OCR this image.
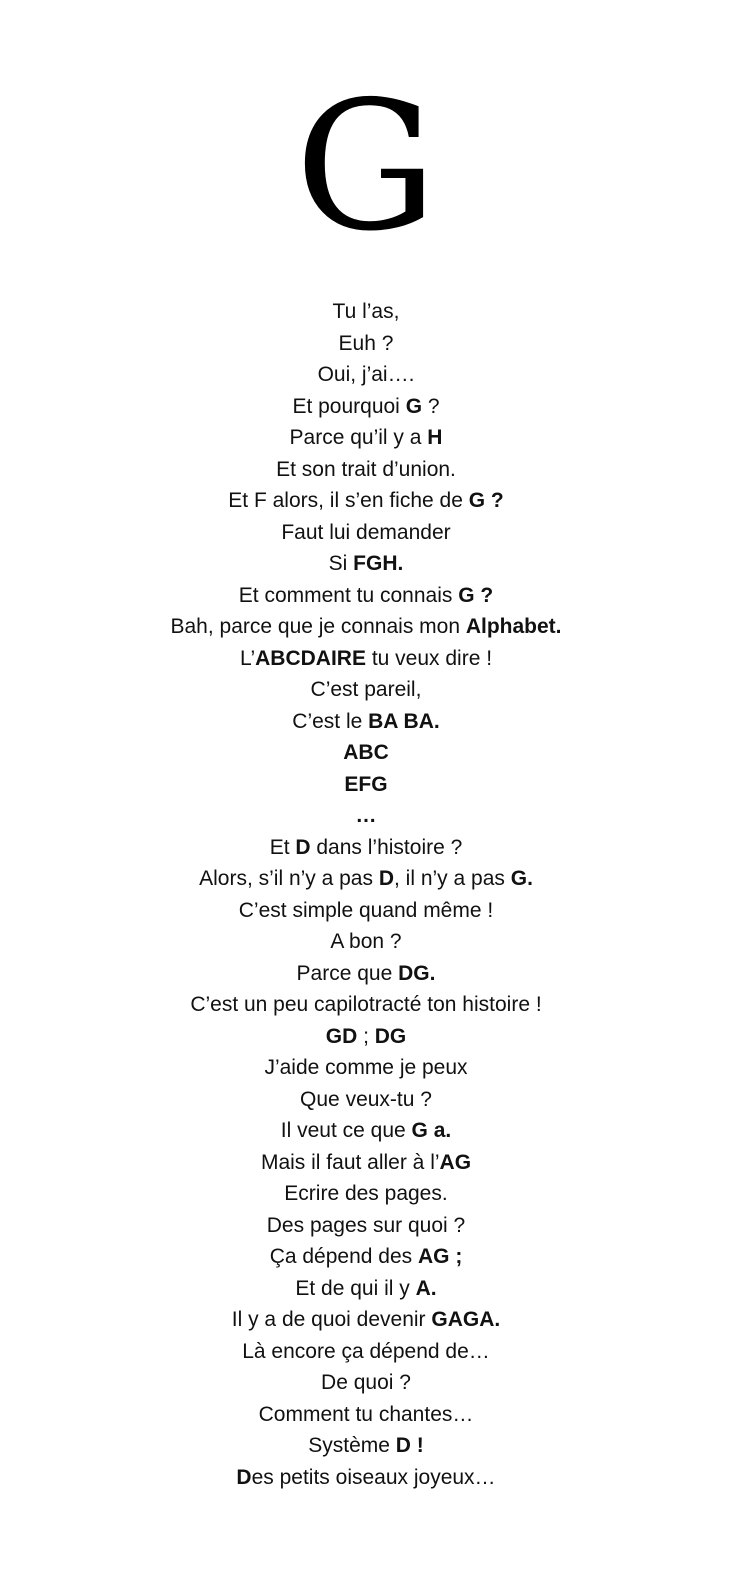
G
Tu l’as,
Euh ?
Oui, j’ai….
Et pourquoi G ?
Parce qu’il y a H
Et son trait d’union.
Et F alors, il s’en fiche de G ?
Faut lui demander
Si FGH.
Et comment tu connais G ?
Bah, parce que je connais mon Alphabet.
L’ABCDAIRE tu veux dire !
C’est pareil,
C’est le BA BA.
ABC
EFG
…
Et D dans l’histoire ?
Alors, s’il n’y a pas D, il n’y a pas G.
C’est simple quand même !
A bon ?
Parce que DG.
C’est un peu capilotracté ton histoire !
GD ; DG
J’aide comme je peux
Que veux-tu ?
Il veut ce que G a.
Mais il faut aller à l’AG
Ecrire des pages.
Des pages sur quoi ?
Ça dépend des AG ;
Et de qui il y A.
Il y a de quoi devenir GAGA.
Là encore ça dépend de…
De quoi ?
Comment tu chantes…
Système D !
Des petits oiseaux joyeux…
